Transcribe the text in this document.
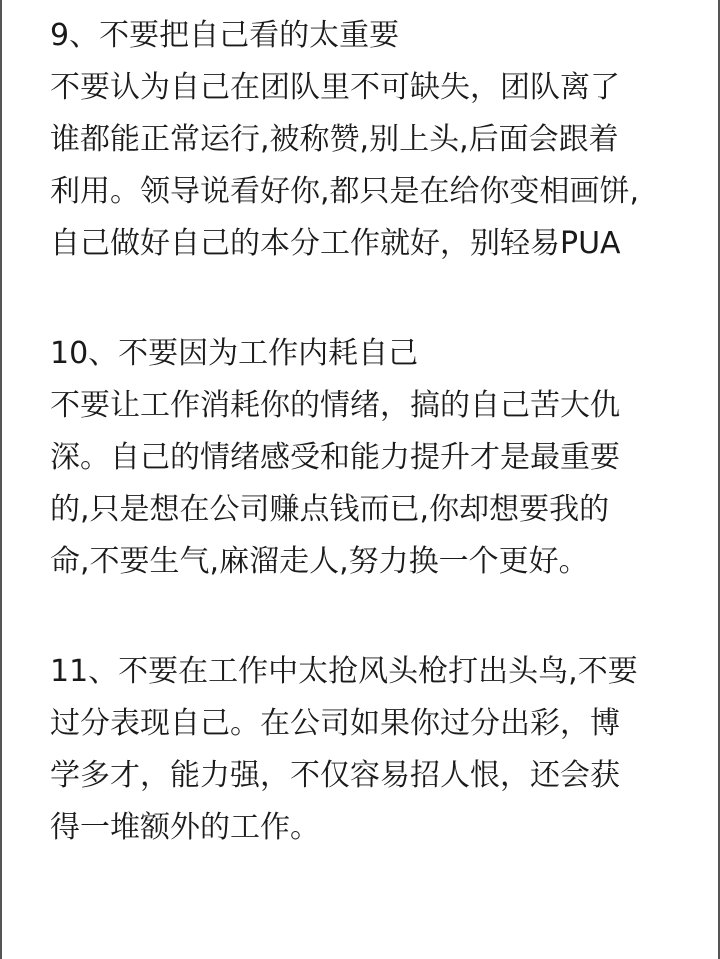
9、不要把自己看的太重要
不要认为自己在团队里不可缺失，团队离了
谁都能正常运行,被称赞,别上头,后面会跟着
利用。领导说看好你,都只是在给你变相画饼,
自己做好自己的本分工作就好，别轻易PUA
10、不要因为工作内耗自己
不要让工作消耗你的情绪，搞的自己苦大仇
深。自己的情绪感受和能力提升才是最重要
的,只是想在公司赚点钱而已,你却想要我的
命,不要生气,麻溜走人,努力换一个更好。
11、不要在工作中太抢风头枪打出头鸟,不要
过分表现自己。在公司如果你过分出彩，博
学多才，能力强，不仅容易招人恨，还会获
得一堆额外的工作。
